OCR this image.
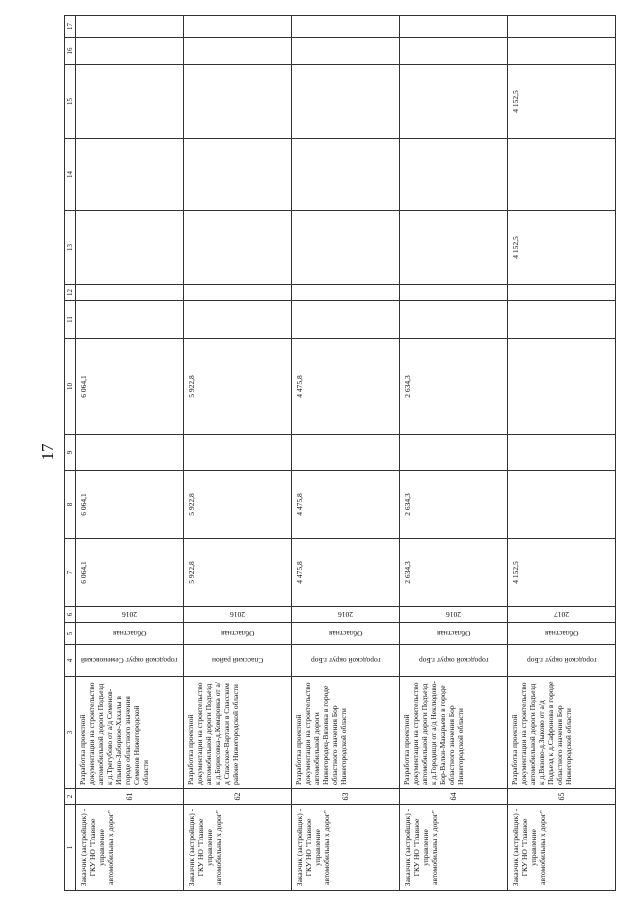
17
1	2	3	4	5	6	7	8	9	10	11	12	13	14	15	16	17
Заказчик (застройщик) - ГКУ НО "Главное управление автомобильны х дорог"	61	Разработка проектной документации на строительство автомобильной дороги Подъезд к д.Трегубово от а/д Семенов-Ильино-Заборное-Хахалы в городе областного значения Семенов Нижегородской области	городской округ Семеновский	Областная	2016	6 064,1	6 064,1		6 064,1							
Заказчик (застройщик) - ГКУ НО "Главное управление автомобильны х дорог"	62	Разработка проектной документации на строительство автомобильной дороги Подъезд к д.Борисовка-д.Комаровка от а/д Спасское-Вартаки в Спасском районе Нижегородской области	Спасский район	Областная	2016	5 922,8	5 922,8		5 922,8							
Заказчик (застройщик) - ГКУ НО "Главное управление автомобильны х дорог"	63	Разработка проектной документации на строительство автомобильной дороги Нижегородец-Вязовка в городе областного значения Бор Нижегородской области	городской округ г.Бор	Областная	2016	4 475,8	4 475,8		4 475,8							
Заказчик (застройщик) - ГКУ НО "Главное управление автомобильны х дорог"	64	Разработка проектной документации на строительство автомобильной дороги Подъезд к д.Городищи от а/д Неклюдово-Бор-Валки-Макарьево в городе областного значения Бор Нижегородской области	городской округ г.Бор	Областная	2016	2 634,3	2 634,3		2 634,3							
Заказчик (застройщик) - ГКУ НО "Главное управление автомобильны х дорог"	65	Разработка проектной документации на строительство автомобильной дороги Подъезд к д.Вязово-д.Зыково от а/д Подъезд к д.Сафронова в городе областного значения Бор Нижегородской области	городской округ г.Бор	Областная	2017	4 152,5						4 152,5		4 152,5		
